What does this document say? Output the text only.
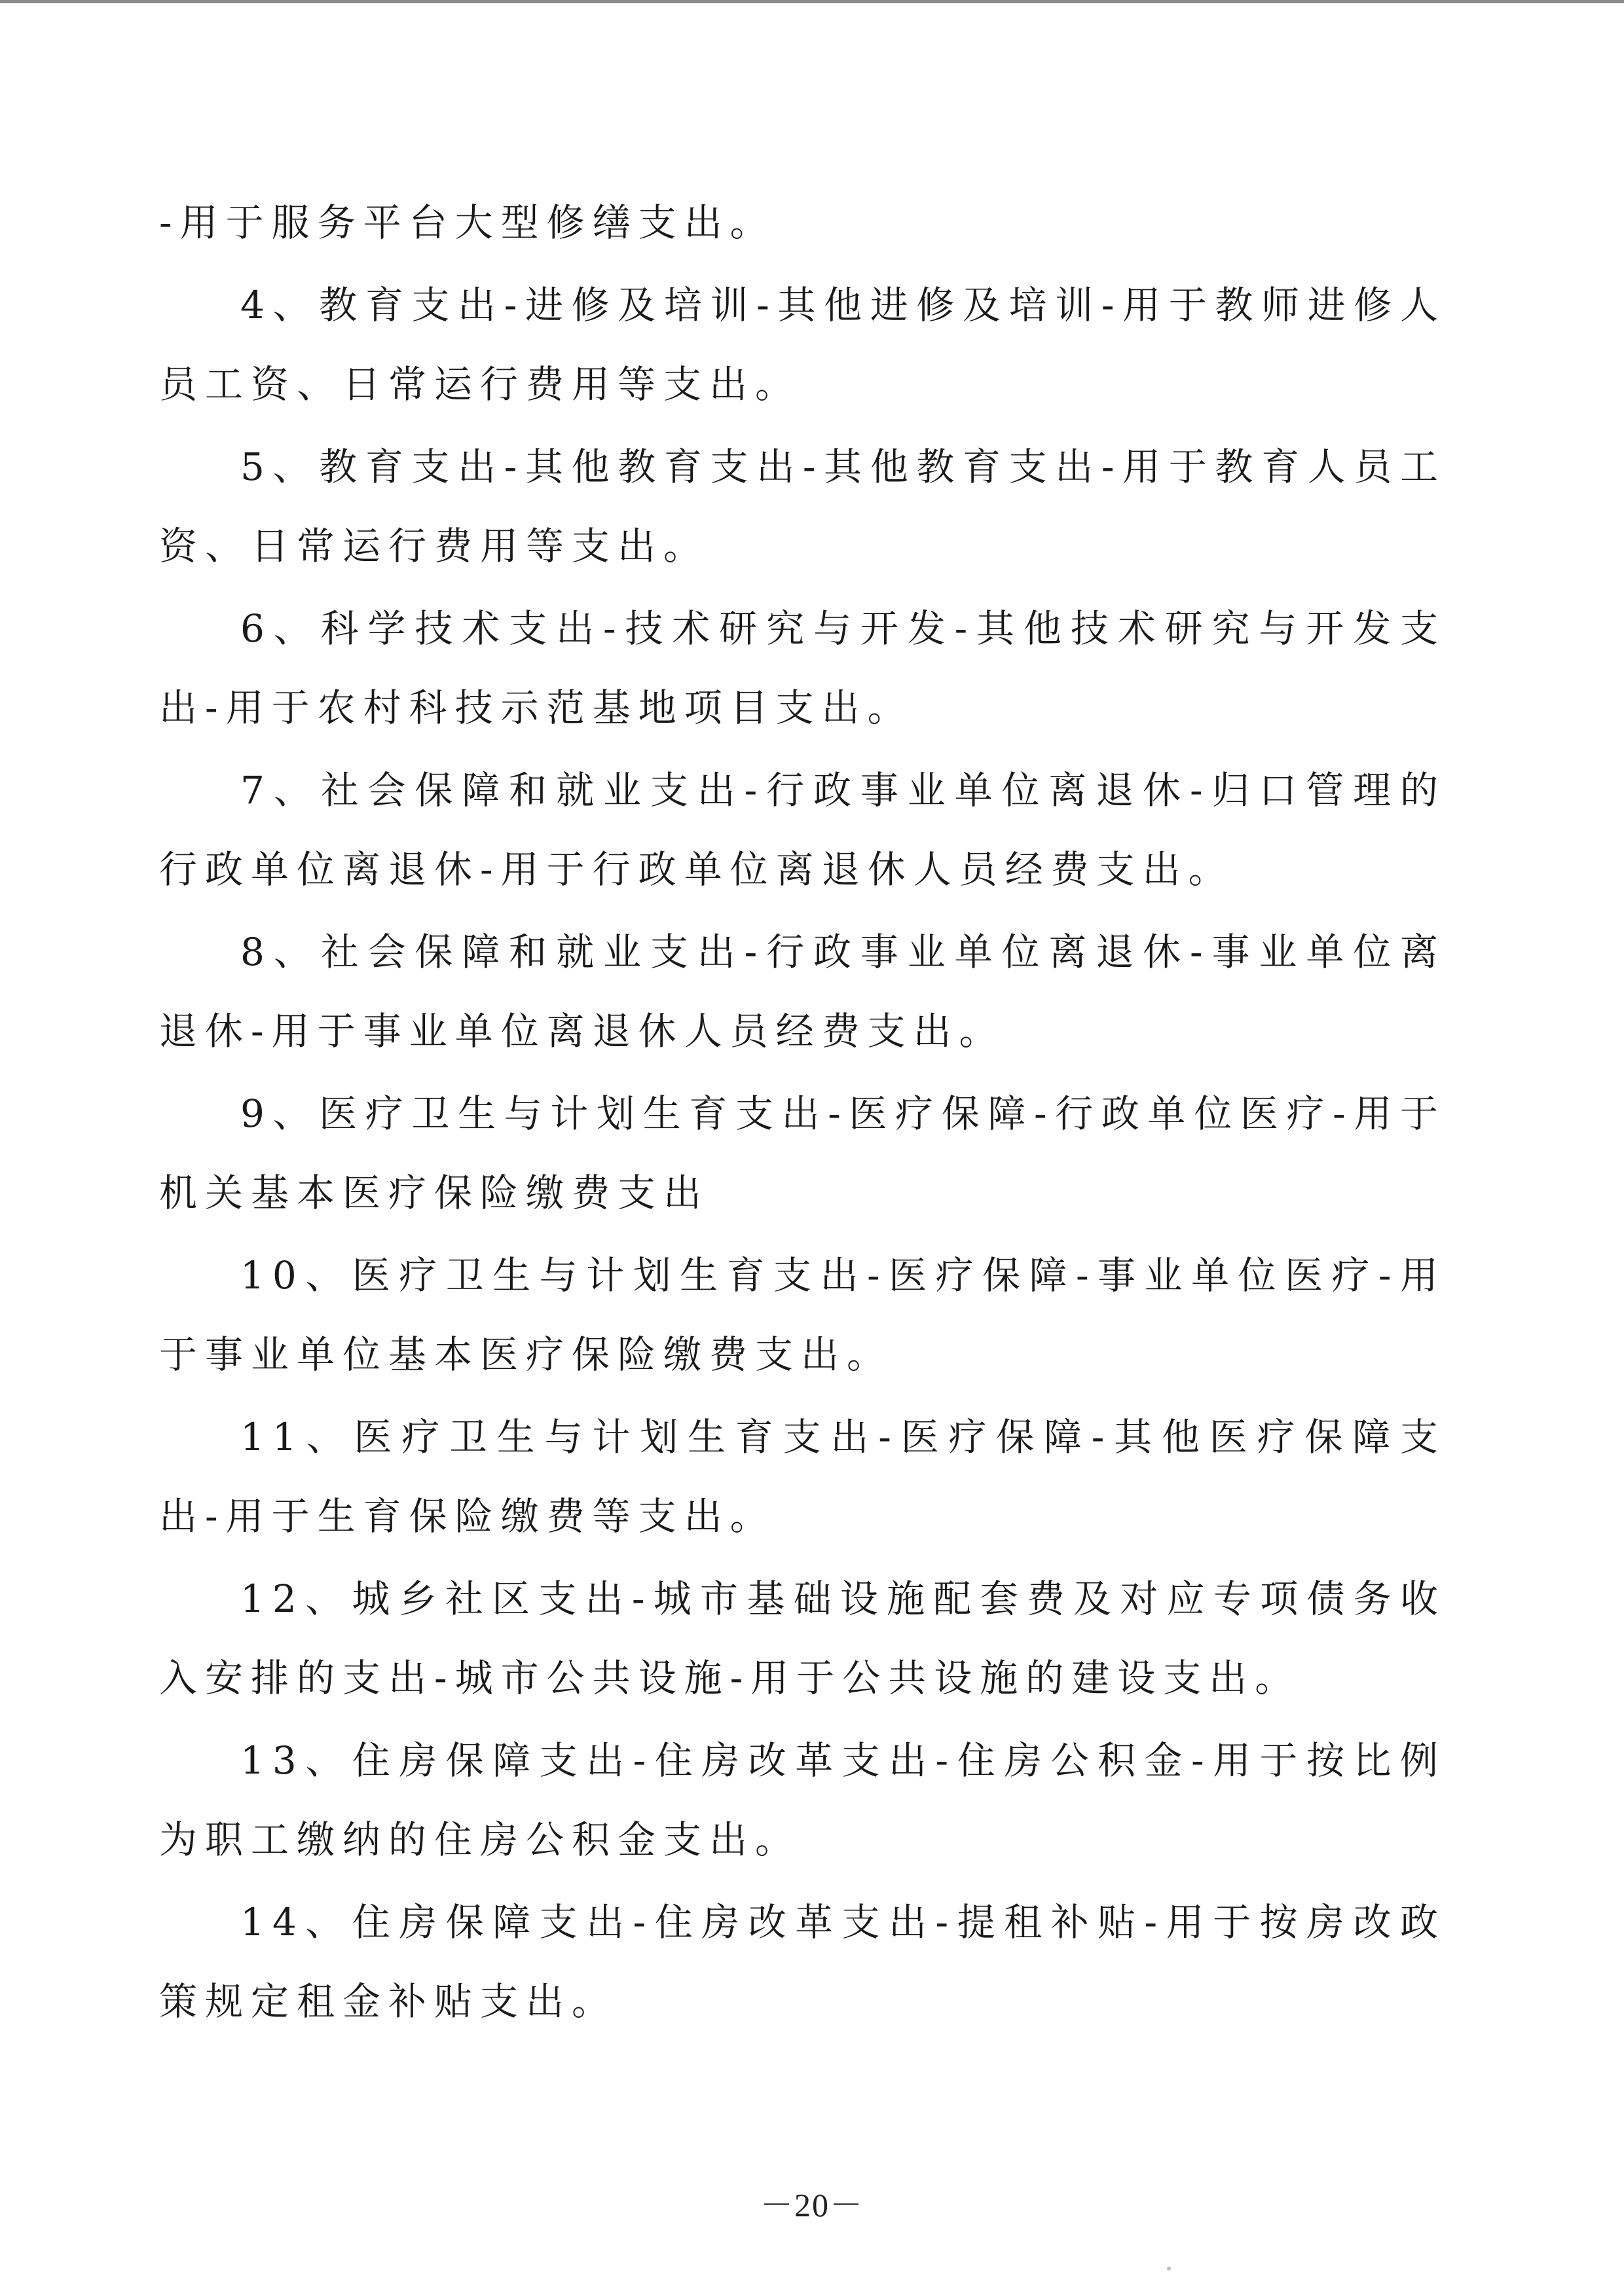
-用于服务平台大型修缮支出。

4、教育支出-进修及培训-其他进修及培训-用于教师进修人员工资、日常运行费用等支出。

5、教育支出-其他教育支出-其他教育支出-用于教育人员工资、日常运行费用等支出。

6、科学技术支出-技术研究与开发-其他技术研究与开发支出-用于农村科技示范基地项目支出。

7、社会保障和就业支出-行政事业单位离退休-归口管理的行政单位离退休-用于行政单位离退休人员经费支出。

8、社会保障和就业支出-行政事业单位离退休-事业单位离退休-用于事业单位离退休人员经费支出。

9、医疗卫生与计划生育支出-医疗保障-行政单位医疗-用于机关基本医疗保险缴费支出

10、医疗卫生与计划生育支出-医疗保障-事业单位医疗-用于事业单位基本医疗保险缴费支出。

11、医疗卫生与计划生育支出-医疗保障-其他医疗保障支出-用于生育保险缴费等支出。

12、城乡社区支出-城市基础设施配套费及对应专项债务收入安排的支出-城市公共设施-用于公共设施的建设支出。

13、住房保障支出-住房改革支出-住房公积金-用于按比例为职工缴纳的住房公积金支出。

14、住房保障支出-住房改革支出-提租补贴-用于按房改政策规定租金补贴支出。

－20－
